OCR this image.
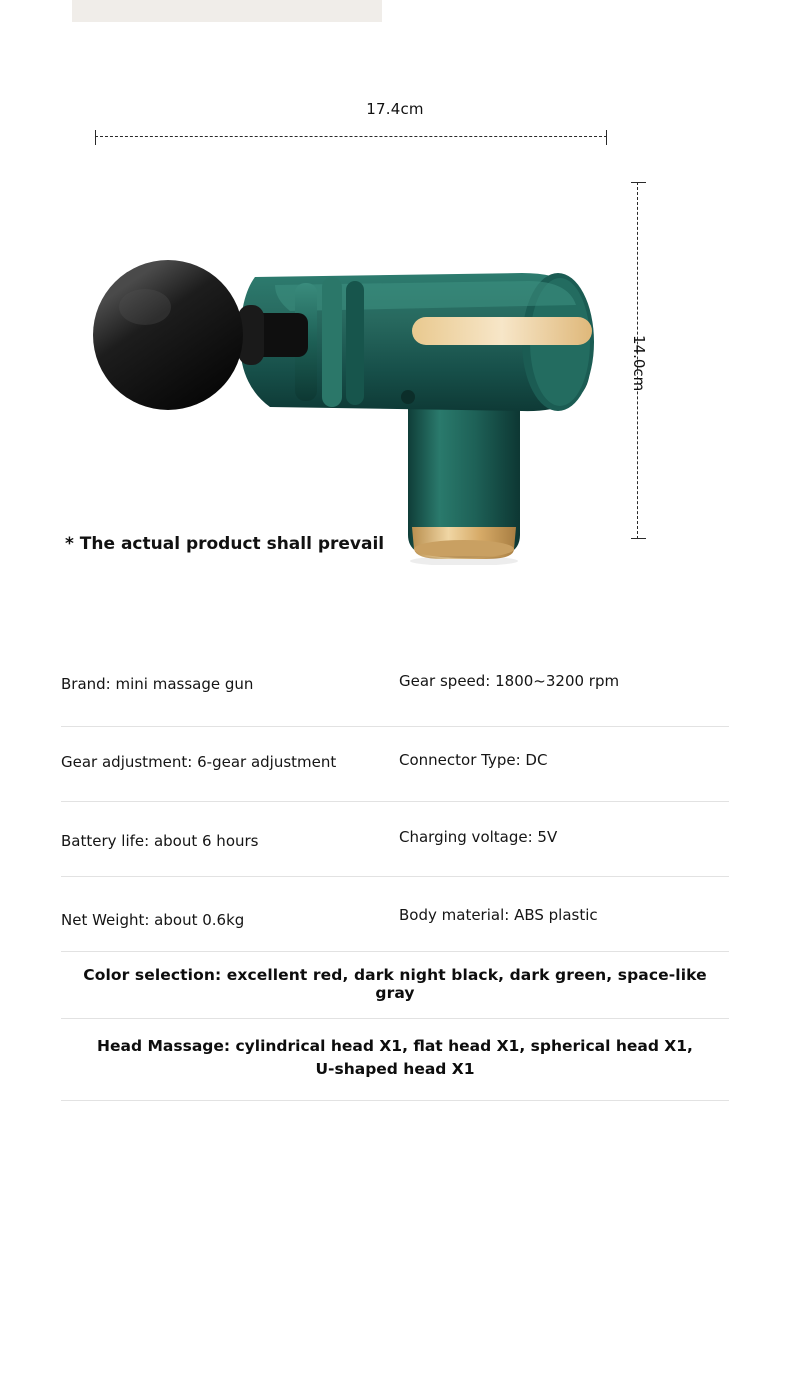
17.4cm
14.0cm
* The actual product shall prevail
Brand: mini massage gun	Gear speed: 1800~3200 rpm
Gear adjustment: 6-gear adjustment	Connector Type: DC
Battery life: about 6 hours	Charging voltage: 5V
Net Weight: about 0.6kg	Body material: ABS plastic
Color selection: excellent red, dark night black, dark green, space-like gray
Head Massage: cylindrical head X1, flat head X1, spherical head X1,
U-shaped head X1
